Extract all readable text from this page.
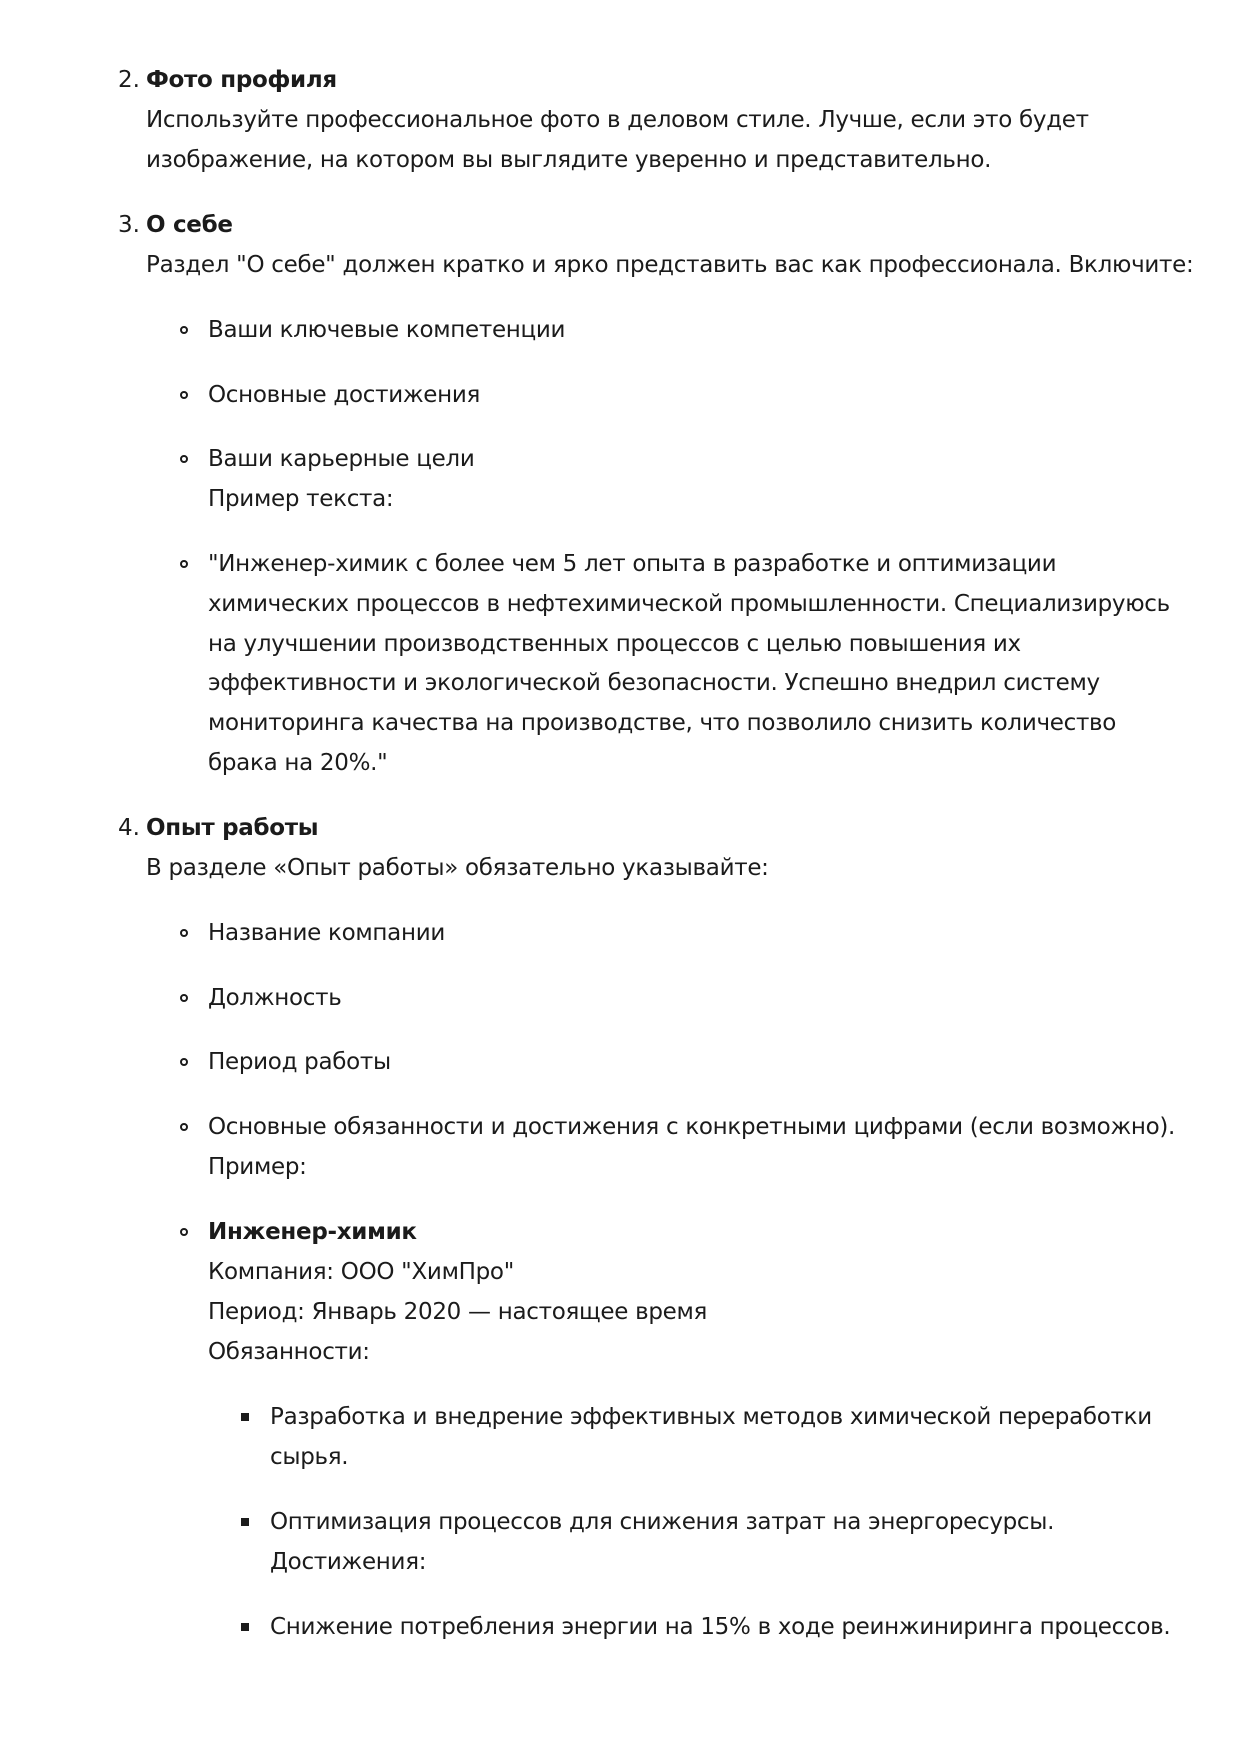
2. Фото профиля
Используйте профессиональное фото в деловом стиле. Лучше, если это будет
изображение, на котором вы выглядите уверенно и представительно.
3. О себе
Раздел "О себе" должен кратко и ярко представить вас как профессионала. Включите:
Ваши ключевые компетенции
Основные достижения
Ваши карьерные цели
Пример текста:
"Инженер-химик с более чем 5 лет опыта в разработке и оптимизации
химических процессов в нефтехимической промышленности. Специализируюсь
на улучшении производственных процессов с целью повышения их
эффективности и экологической безопасности. Успешно внедрил систему
мониторинга качества на производстве, что позволило снизить количество
брака на 20%."
4. Опыт работы
В разделе «Опыт работы» обязательно указывайте:
Название компании
Должность
Период работы
Основные обязанности и достижения с конкретными цифрами (если возможно).
Пример:
Инженер-химик
Компания: ООО "ХимПро"
Период: Январь 2020 — настоящее время
Обязанности:
Разработка и внедрение эффективных методов химической переработки
сырья.
Оптимизация процессов для снижения затрат на энергоресурсы.
Достижения:
Снижение потребления энергии на 15% в ходе реинжиниринга процессов.
